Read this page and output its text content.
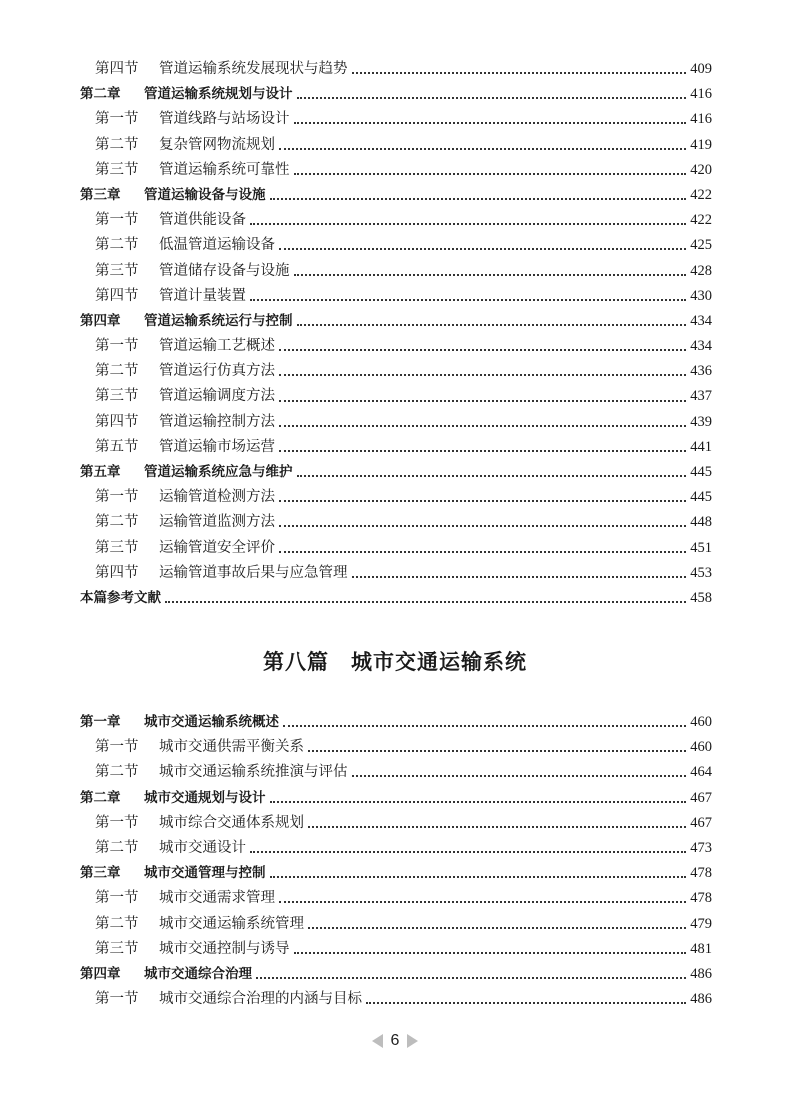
第四节	管道运输系统发展现状与趋势	409
第二章	管道运输系统规划与设计	416
第一节	管道线路与站场设计	416
第二节	复杂管网物流规划	419
第三节	管道运输系统可靠性	420
第三章	管道运输设备与设施	422
第一节	管道供能设备	422
第二节	低温管道运输设备	425
第三节	管道储存设备与设施	428
第四节	管道计量装置	430
第四章	管道运输系统运行与控制	434
第一节	管道运输工艺概述	434
第二节	管道运行仿真方法	436
第三节	管道运输调度方法	437
第四节	管道运输控制方法	439
第五节	管道运输市场运营	441
第五章	管道运输系统应急与维护	445
第一节	运输管道检测方法	445
第二节	运输管道监测方法	448
第三节	运输管道安全评价	451
第四节	运输管道事故后果与应急管理	453
本篇参考文献	458
第八篇 城市交通运输系统
第一章	城市交通运输系统概述	460
第一节	城市交通供需平衡关系	460
第二节	城市交通运输系统推演与评估	464
第二章	城市交通规划与设计	467
第一节	城市综合交通体系规划	467
第二节	城市交通设计	473
第三章	城市交通管理与控制	478
第一节	城市交通需求管理	478
第二节	城市交通运输系统管理	479
第三节	城市交通控制与诱导	481
第四章	城市交通综合治理	486
第一节	城市交通综合治理的内涵与目标	486
6
